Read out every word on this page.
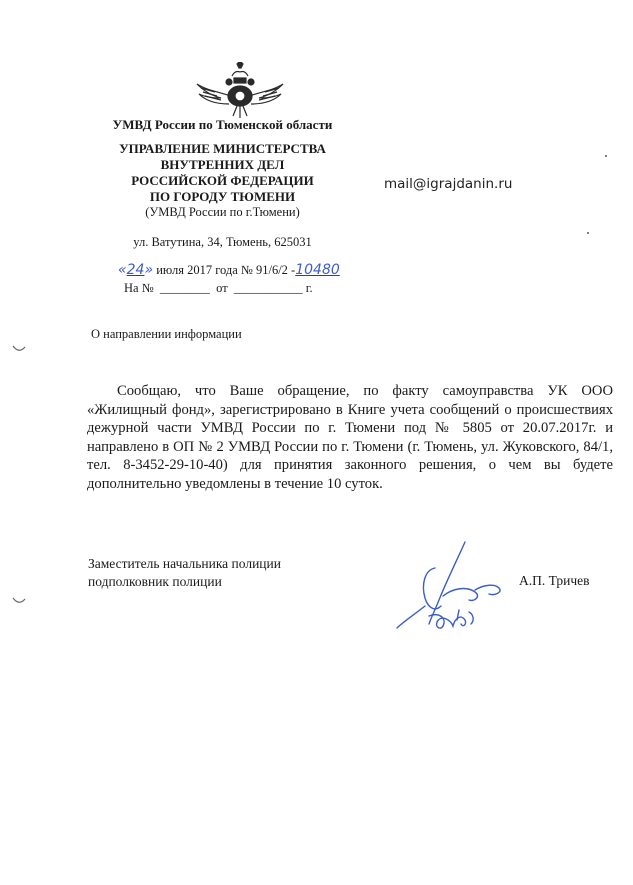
УМВД России по Тюменской области
УПРАВЛЕНИЕ МИНИСТЕРСТВА
ВНУТРЕННИХ ДЕЛ
РОССИЙСКОЙ ФЕДЕРАЦИИ
ПО ГОРОДУ ТЮМЕНИ
(УМВД России по г.Тюмени)
ул. Ватутина, 34, Тюмень, 625031
mail@igrajdanin.ru
«24» июля 2017 года № 91/6/2 -10480
На №  ________  от  ___________ г.
О направлении информации
Сообщаю, что Ваше обращение, по факту самоуправства УК ООО «Жилищный фонд», зарегистрировано в Книге учета сообщений о происшествиях дежурной части УМВД России по г. Тюмени под № 5805 от 20.07.2017г. и направлено в ОП № 2 УМВД России по г. Тюмени (г. Тюмень, ул. Жуковского, 84/1, тел. 8-3452-29-10-40) для принятия законного решения, о чем вы будете дополнительно уведомлены в течение 10 суток.
Заместитель начальника полиции
подполковник полиции	А.П. Тричев
